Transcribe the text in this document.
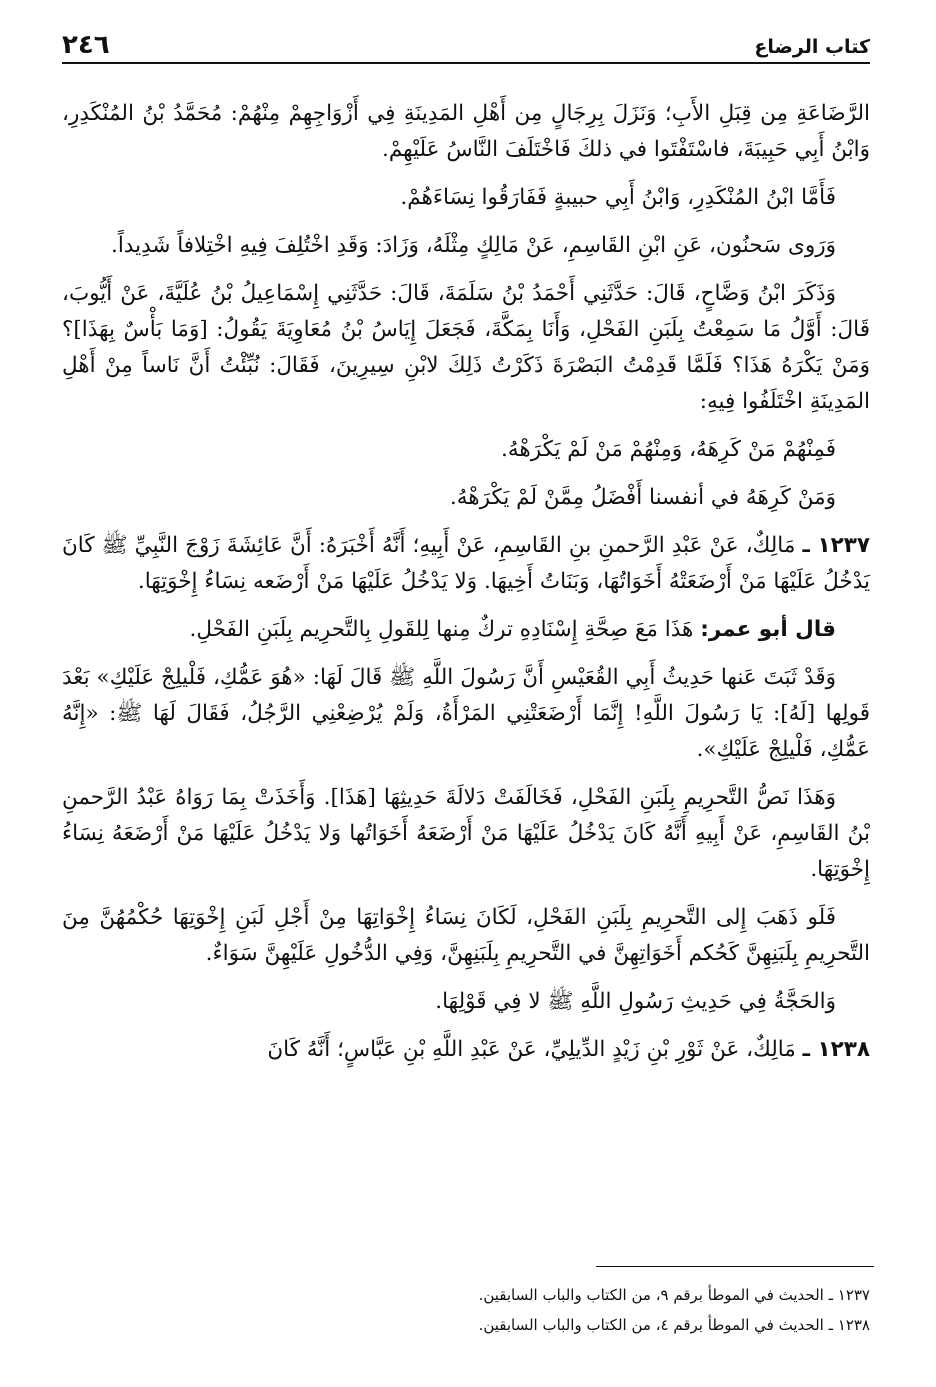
كتاب الرضاع
٢٤٦

الرَّضَاعَةِ مِن قِبَلِ الأَبِ؛ وَنَزَلَ بِرِجَالٍ مِن أَهْلِ المَدِينَةِ فِي أَزْوَاجِهِمْ مِنْهُمْ: مُحَمَّدُ بْنُ المُنْكَدِرِ، وَابْنُ أَبِي حَبِيبَةَ، فاسْتَفْتَوا في ذلكَ فَاخْتَلَفَ النَّاسُ عَلَيْهِمْ.

فَأَمَّا ابْنُ المُنْكَدِرِ، وَابْنُ أَبِي حبيبةٍ فَفَارَقُوا نِسَاءَهُمْ.

وَرَوى سَحنُون، عَنِ ابْنِ القَاسِمِ، عَنْ مَالِكٍ مِثْلَهُ، وَزَادَ: وَقَدِ اخْتُلِفَ فِيهِ اخْتِلافاً شَدِيداً.

وَذَكَرَ ابْنُ وَضَّاحٍ، قَالَ: حَدَّثَنِي أَحْمَدُ بْنُ سَلَمَةَ، قَالَ: حَدَّثَنِي إِسْمَاعِيلُ بْنُ عُلَيَّةَ، عَنْ أَيُّوبَ، قَالَ: أَوَّلُ مَا سَمِعْتُ بِلَبَنِ الفَحْلِ، وَأَنَا بِمَكَّةَ، فَجَعَلَ إِيَاسُ بْنُ مُعَاوِيَةَ يَقُولُ: [وَمَا بَأْسٌ بِهَذَا]؟ وَمَنْ يَكْرَهُ هَذَا؟ فَلَمَّا قَدِمْتُ البَصْرَةَ ذَكَرْتُ ذَلِكَ لابْنِ سِيرِينَ، فَقَالَ: نُبِّئْتُ أَنَّ نَاساً مِنْ أَهْلِ المَدِينَةِ اخْتَلَفُوا فِيهِ:

فَمِنْهُمْ مَنْ كَرِهَهُ، وَمِنْهُمْ مَنْ لَمْ يَكْرَهْهُ.

وَمَنْ كَرِهَهُ في أنفسنا أَفْضَلُ مِمَّنْ لَمْ يَكْرَهْهُ.

١٢٣٧ ـ مَالِكٌ، عَنْ عَبْدِ الرَّحمنِ بنِ القَاسِمِ، عَنْ أَبِيهِ؛ أَنَّهُ أَخْبَرَهُ: أَنَّ عَائِشَةَ زَوْجَ النَّبِيِّ ﷺ كَانَ يَدْخُلُ عَلَيْهَا مَنْ أَرْضَعَتْهُ أَخَوَاتُهَا، وَبَنَاتُ أَخِيهَا. وَلا يَدْخُلُ عَلَيْهَا مَنْ أَرْضَعه نِسَاءُ إِخْوَتِهَا.

قال أبو عمر: هَذَا مَعَ صِحَّةِ إِسْنَادِهِ تركٌ مِنها لِلقَولِ بِالتَّحرِيم بِلَبَنِ الفَحْلِ.

وَقَدْ ثَبَتَ عَنها حَدِيثُ أَبِي القُعَيْسِ أَنَّ رَسُولَ اللَّهِ ﷺ قَالَ لَهَا: «هُوَ عَمُّكِ، فَلْيلِجْ عَلَيْكِ» بَعْدَ قَولِها [لَهُ]: يَا رَسُولَ اللَّهِ! إِنَّمَا أَرْضَعَتْنِي المَرْأَةُ، وَلَمْ يُرْضِعْنِي الرَّجُلُ، فَقَالَ لَهَا ﷺ: «إِنَّهُ عَمُّكِ، فَلْيلِجْ عَلَيْكِ».

وَهَذَا نَصُّ التَّحرِيمِ بِلَبَنِ الفَحْلِ، فَخَالَفَتْ دَلالَةَ حَدِيثِهَا [هَذَا]. وَأَخَذَتْ بِمَا رَوَاهُ عَبْدُ الرَّحمنِ بْنُ القَاسِمِ، عَنْ أَبِيهِ أَنَّهُ كَانَ يَدْخُلُ عَلَيْهَا مَنْ أَرْضَعَهُ أَخَوَاتُها وَلا يَدْخُلُ عَلَيْهَا مَنْ أَرْضَعَهُ نِسَاءُ إِخْوَتِهَا.

فَلَو ذَهَبَ إِلى التَّحرِيمِ بِلَبَنِ الفَحْلِ، لَكَانَ نِسَاءُ إِخْوَاتِهَا مِنْ أَجْلِ لَبَنِ إِخْوَتِهَا حُكْمُهُنَّ مِنَ التَّحرِيمِ بِلَبَنِهِنَّ كَحُكم أَخَوَاتِهِنَّ في التَّحرِيمِ بِلَبَنِهِنَّ، وَفِي الدُّخُولِ عَلَيْهِنَّ سَوَاءٌ.

وَالحَجَّةُ فِي حَدِيثِ رَسُولِ اللَّهِ ﷺ لا فِي قَوْلِهَا.

١٢٣٨ ـ مَالِكٌ، عَنْ ثَوْرِ بْنِ زَيْدٍ الدِّيلِيِّ، عَنْ عَبْدِ اللَّهِ بْنِ عَبَّاسٍ؛ أَنَّهُ كَانَ

١٢٣٧ ـ الحديث في الموطأ برقم ٩، من الكتاب والباب السابقين.

١٢٣٨ ـ الحديث في الموطأ برقم ٤، من الكتاب والباب السابقين.
